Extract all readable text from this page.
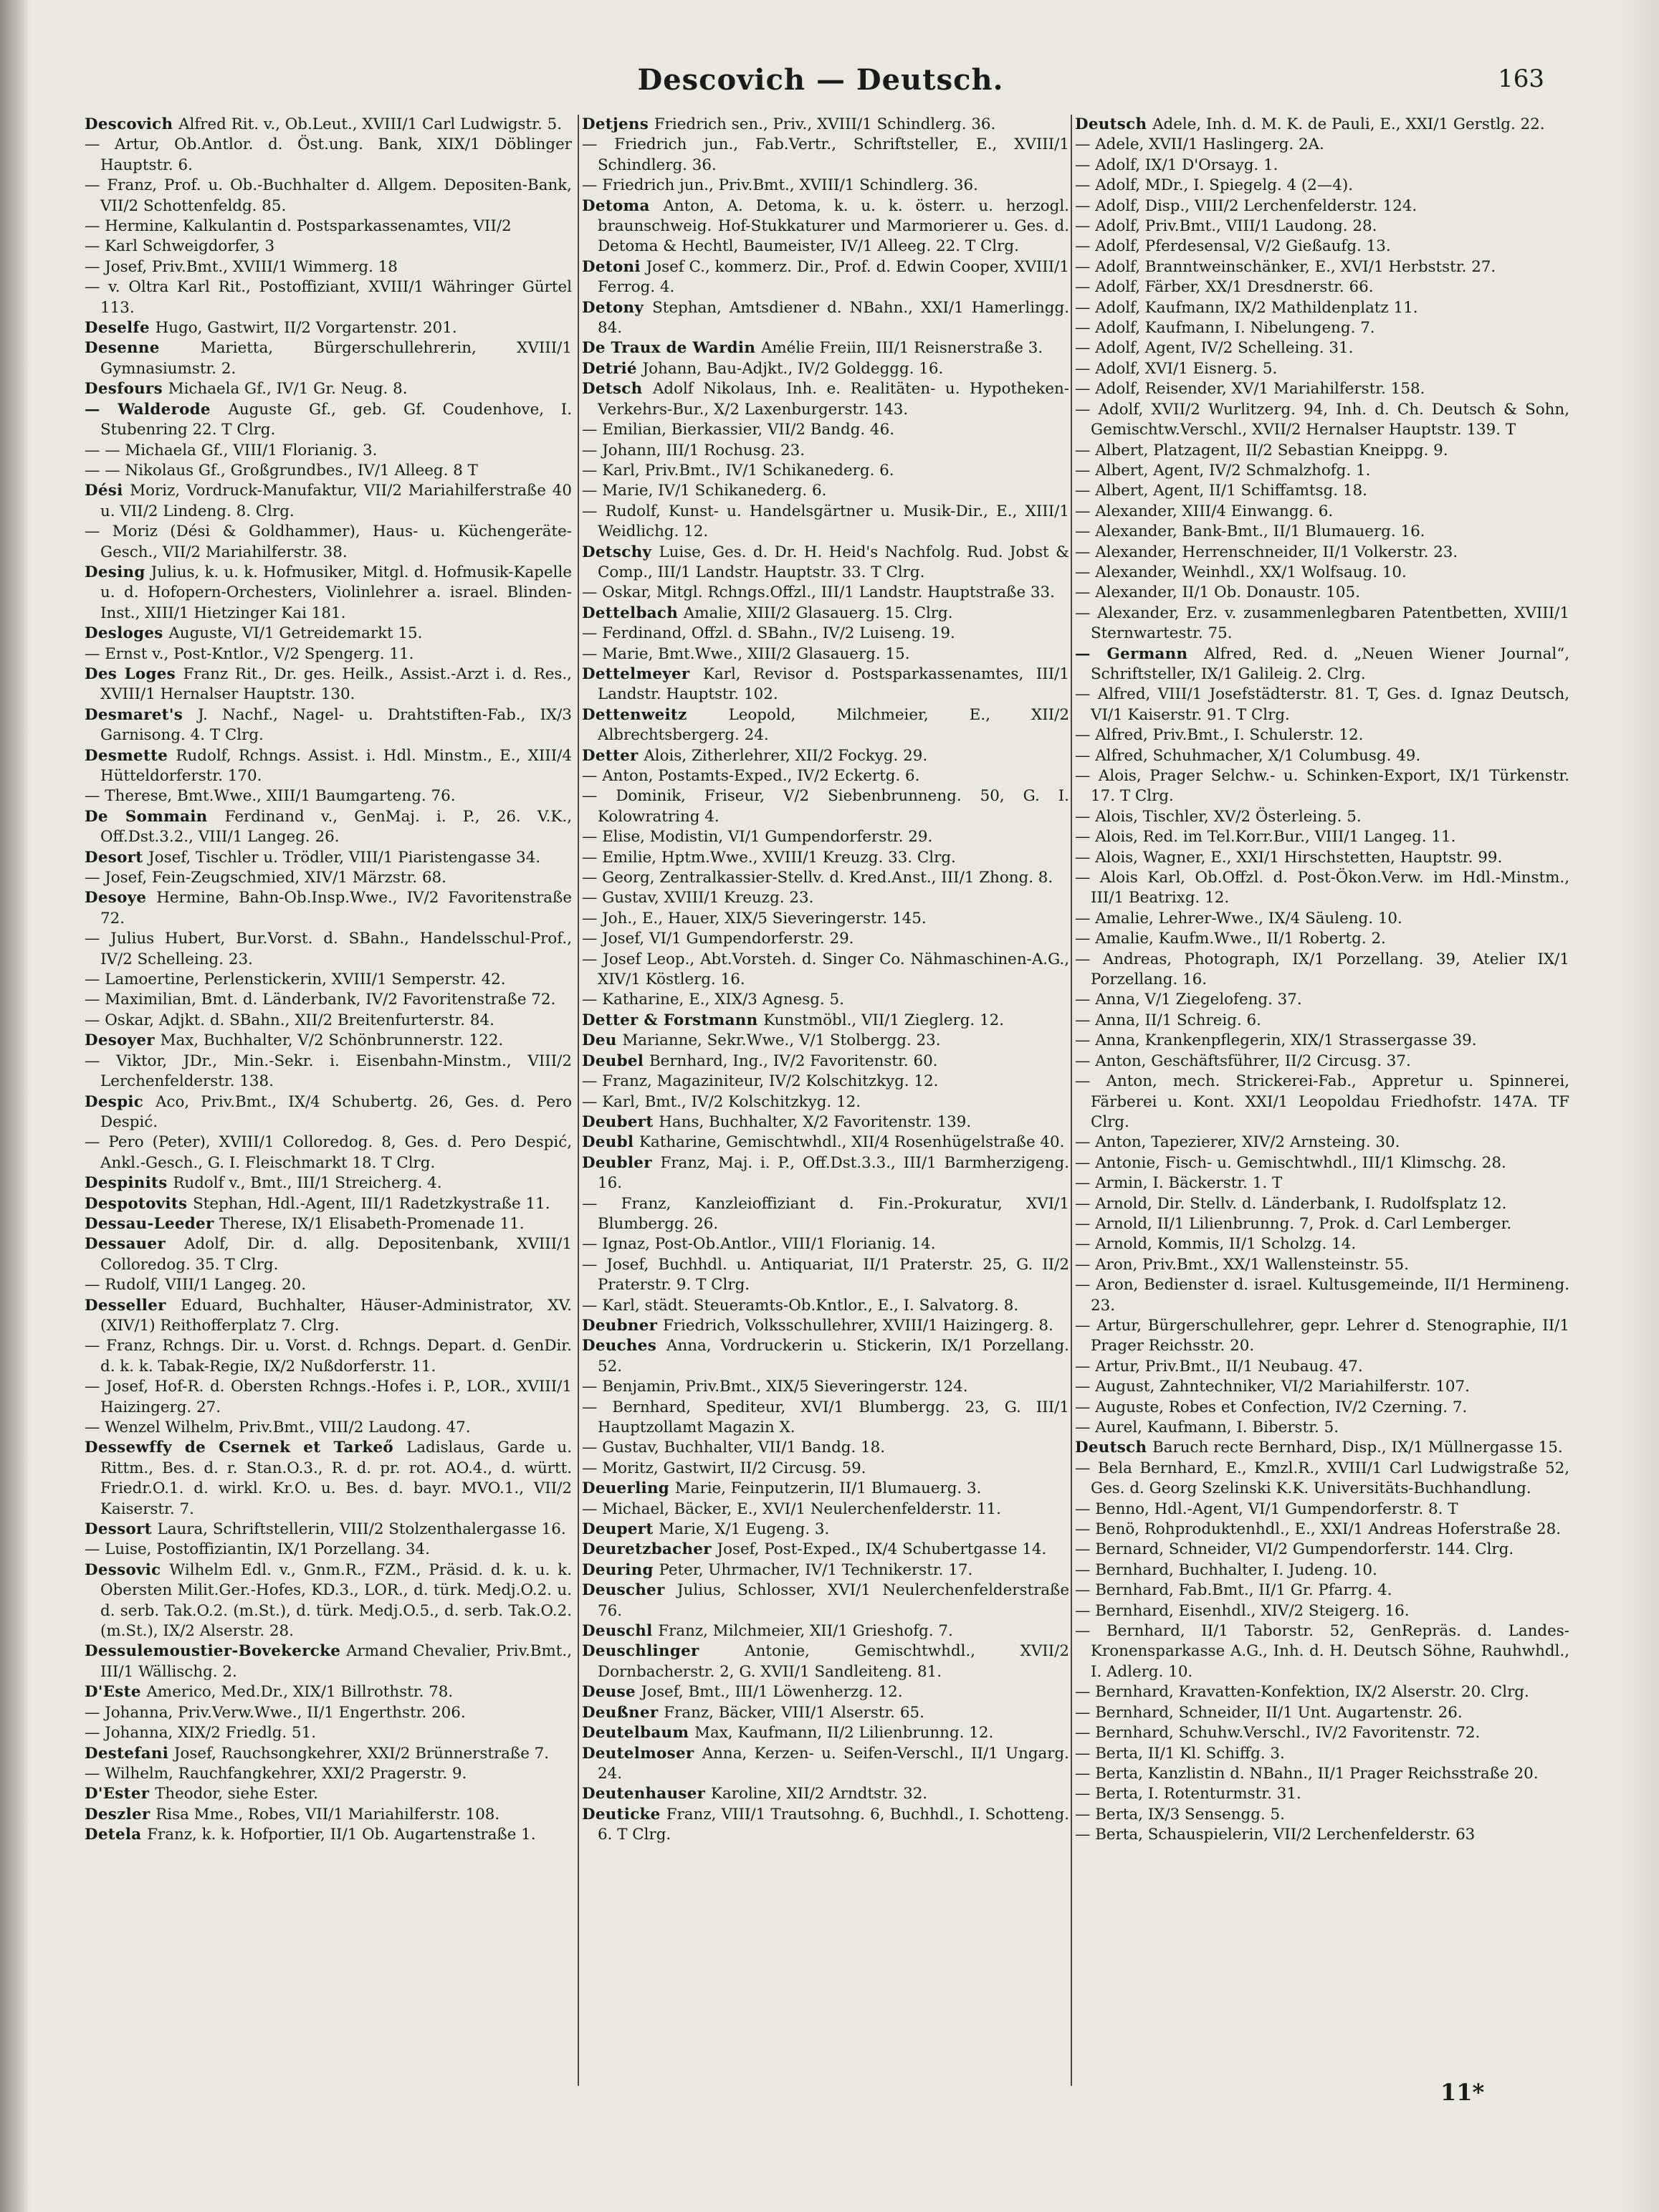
Descovich — Deutsch.	163
Descovich Alfred Rit. v., Ob.Leut., XVIII/1 Carl Ludwigstr. 5.
— Artur, Ob.Antlor. d. Öst.ung. Bank, XIX/1 Döblinger Hauptstr. 6.
— Franz, Prof. u. Ob.-Buchhalter d. Allgem. Depositen-Bank, VII/2 Schottenfeldg. 85.
— Hermine, Kalkulantin d. Postsparkassenamtes, VII/2
— Karl Schweigdorfer, 3
— Josef, Priv.Bmt., XVIII/1 Wimmerg. 18
— v. Oltra Karl Rit., Postoffiziant, XVIII/1 Währinger Gürtel 113.
Deselfe Hugo, Gastwirt, II/2 Vorgartenstr. 201.
Desenne Marietta, Bürgerschullehrerin, XVIII/1 Gymnasiumstr. 2.
Desfours Michaela Gf., IV/1 Gr. Neug. 8.
— Walderode Auguste Gf., geb. Gf. Coudenhove, I. Stubenring 22. T Clrg.
— — Michaela Gf., VIII/1 Florianig. 3.
— — Nikolaus Gf., Großgrundbes., IV/1 Alleeg. 8 T
Dési Moriz, Vordruck-Manufaktur, VII/2 Mariahilferstraße 40 u. VII/2 Lindeng. 8. Clrg.
— Moriz (Dési & Goldhammer), Haus- u. Küchengeräte-Gesch., VII/2 Mariahilferstr. 38.
Desing Julius, k. u. k. Hofmusiker, Mitgl. d. Hofmusik-Kapelle u. d. Hofopern-Orchesters, Violinlehrer a. israel. Blinden-Inst., XIII/1 Hietzinger Kai 181.
Desloges Auguste, VI/1 Getreidemarkt 15.
— Ernst v., Post-Kntlor., V/2 Spengerg. 11.
Des Loges Franz Rit., Dr. ges. Heilk., Assist.-Arzt i. d. Res., XVIII/1 Hernalser Hauptstr. 130.
Desmaret's J. Nachf., Nagel- u. Drahtstiften-Fab., IX/3 Garnisong. 4. T Clrg.
Desmette Rudolf, Rchngs. Assist. i. Hdl. Minstm., E., XIII/4 Hütteldorferstr. 170.
— Therese, Bmt.Wwe., XIII/1 Baumgarteng. 76.
De Sommain Ferdinand v., GenMaj. i. P., 26. V.K., Off.Dst.3.2., VIII/1 Langeg. 26.
Desort Josef, Tischler u. Trödler, VIII/1 Piaristengasse 34.
— Josef, Fein-Zeugschmied, XIV/1 Märzstr. 68.
Desoye Hermine, Bahn-Ob.Insp.Wwe., IV/2 Favoritenstraße 72.
— Julius Hubert, Bur.Vorst. d. SBahn., Handelsschul-Prof., IV/2 Schelleing. 23.
— Lamoertine, Perlenstickerin, XVIII/1 Semperstr. 42.
— Maximilian, Bmt. d. Länderbank, IV/2 Favoritenstraße 72.
— Oskar, Adjkt. d. SBahn., XII/2 Breitenfurterstr. 84.
Desoyer Max, Buchhalter, V/2 Schönbrunnerstr. 122.
— Viktor, JDr., Min.-Sekr. i. Eisenbahn-Minstm., VIII/2 Lerchenfelderstr. 138.
Despic Aco, Priv.Bmt., IX/4 Schubertg. 26, Ges. d. Pero Despić.
— Pero (Peter), XVIII/1 Colloredog. 8, Ges. d. Pero Despić, Ankl.-Gesch., G. I. Fleischmarkt 18. T Clrg.
Despinits Rudolf v., Bmt., III/1 Streicherg. 4.
Despotovits Stephan, Hdl.-Agent, III/1 Radetzkystraße 11.
Dessau-Leeder Therese, IX/1 Elisabeth-Promenade 11.
Dessauer Adolf, Dir. d. allg. Depositenbank, XVIII/1 Colloredog. 35. T Clrg.
— Rudolf, VIII/1 Langeg. 20.
Desseller Eduard, Buchhalter, Häuser-Administrator, XV. (XIV/1) Reithofferplatz 7. Clrg.
— Franz, Rchngs. Dir. u. Vorst. d. Rchngs. Depart. d. GenDir. d. k. k. Tabak-Regie, IX/2 Nußdorferstr. 11.
— Josef, Hof-R. d. Obersten Rchngs.-Hofes i. P., LOR., XVIII/1 Haizingerg. 27.
— Wenzel Wilhelm, Priv.Bmt., VIII/2 Laudong. 47.
Dessewffy de Csernek et Tarkeő Ladislaus, Garde u. Rittm., Bes. d. r. Stan.O.3., R. d. pr. rot. AO.4., d. württ. Friedr.O.1. d. wirkl. Kr.O. u. Bes. d. bayr. MVO.1., VII/2 Kaiserstr. 7.
Dessort Laura, Schriftstellerin, VIII/2 Stolzenthalergasse 16.
— Luise, Postoffiziantin, IX/1 Porzellang. 34.
Dessovic Wilhelm Edl. v., Gnm.R., FZM., Präsid. d. k. u. k. Obersten Milit.Ger.-Hofes, KD.3., LOR., d. türk. Medj.O.2. u. d. serb. Tak.O.2. (m.St.), d. türk. Medj.O.5., d. serb. Tak.O.2. (m.St.), IX/2 Alserstr. 28.
Dessulemoustier-Bovekercke Armand Chevalier, Priv.Bmt., III/1 Wällischg. 2.
D'Este Americo, Med.Dr., XIX/1 Billrothstr. 78.
— Johanna, Priv.Verw.Wwe., II/1 Engerthstr. 206.
— Johanna, XIX/2 Friedlg. 51.
Destefani Josef, Rauchsongkehrer, XXI/2 Brünnerstraße 7.
— Wilhelm, Rauchfangkehrer, XXI/2 Pragerstr. 9.
D'Ester Theodor, siehe Ester.
Deszler Risa Mme., Robes, VII/1 Mariahilferstr. 108.
Detela Franz, k. k. Hofportier, II/1 Ob. Augartenstraße 1.
Detjens Friedrich sen., Priv., XVIII/1 Schindlerg. 36.
— Friedrich jun., Fab.Vertr., Schriftsteller, E., XVIII/1 Schindlerg. 36.
— Friedrich jun., Priv.Bmt., XVIII/1 Schindlerg. 36.
Detoma Anton, A. Detoma, k. u. k. österr. u. herzogl. braunschweig. Hof-Stukkaturer und Marmorierer u. Ges. d. Detoma & Hechtl, Baumeister, IV/1 Alleeg. 22. T Clrg.
Detoni Josef C., kommerz. Dir., Prof. d. Edwin Cooper, XVIII/1 Ferrog. 4.
Detony Stephan, Amtsdiener d. NBahn., XXI/1 Hamerlingg. 84.
De Traux de Wardin Amélie Freiin, III/1 Reisnerstraße 3.
Detrié Johann, Bau-Adjkt., IV/2 Goldeggg. 16.
Detsch Adolf Nikolaus, Inh. e. Realitäten- u. Hypotheken-Verkehrs-Bur., X/2 Laxenburgerstr. 143.
— Emilian, Bierkassier, VII/2 Bandg. 46.
— Johann, III/1 Rochusg. 23.
— Karl, Priv.Bmt., IV/1 Schikanederg. 6.
— Marie, IV/1 Schikanederg. 6.
— Rudolf, Kunst- u. Handelsgärtner u. Musik-Dir., E., XIII/1 Weidlichg. 12.
Detschy Luise, Ges. d. Dr. H. Heid's Nachfolg. Rud. Jobst & Comp., III/1 Landstr. Hauptstr. 33. T Clrg.
— Oskar, Mitgl. Rchngs.Offzl., III/1 Landstr. Hauptstraße 33.
Dettelbach Amalie, XIII/2 Glasauerg. 15. Clrg.
— Ferdinand, Offzl. d. SBahn., IV/2 Luiseng. 19.
— Marie, Bmt.Wwe., XIII/2 Glasauerg. 15.
Dettelmeyer Karl, Revisor d. Postsparkassenamtes, III/1 Landstr. Hauptstr. 102.
Dettenweitz Leopold, Milchmeier, E., XII/2 Albrechtsbergerg. 24.
Detter Alois, Zitherlehrer, XII/2 Fockyg. 29.
— Anton, Postamts-Exped., IV/2 Eckertg. 6.
— Dominik, Friseur, V/2 Siebenbrunneng. 50, G. I. Kolowratring 4.
— Elise, Modistin, VI/1 Gumpendorferstr. 29.
— Emilie, Hptm.Wwe., XVIII/1 Kreuzg. 33. Clrg.
— Georg, Zentralkassier-Stellv. d. Kred.Anst., III/1 Zhong. 8.
— Gustav, XVIII/1 Kreuzg. 23.
— Joh., E., Hauer, XIX/5 Sieveringerstr. 145.
— Josef, VI/1 Gumpendorferstr. 29.
— Josef Leop., Abt.Vorsteh. d. Singer Co. Nähmaschinen-A.G., XIV/1 Köstlerg. 16.
— Katharine, E., XIX/3 Agnesg. 5.
Detter & Forstmann Kunstmöbl., VII/1 Zieglerg. 12.
Deu Marianne, Sekr.Wwe., V/1 Stolbergg. 23.
Deubel Bernhard, Ing., IV/2 Favoritenstr. 60.
— Franz, Magaziniteur, IV/2 Kolschitzkyg. 12.
— Karl, Bmt., IV/2 Kolschitzkyg. 12.
Deubert Hans, Buchhalter, X/2 Favoritenstr. 139.
Deubl Katharine, Gemischtwhdl., XII/4 Rosenhügelstraße 40.
Deubler Franz, Maj. i. P., Off.Dst.3.3., III/1 Barmherzigeng. 16.
— Franz, Kanzleioffiziant d. Fin.-Prokuratur, XVI/1 Blumbergg. 26.
— Ignaz, Post-Ob.Antlor., VIII/1 Florianig. 14.
— Josef, Buchhdl. u. Antiquariat, II/1 Praterstr. 25, G. II/2 Praterstr. 9. T Clrg.
— Karl, städt. Steueramts-Ob.Kntlor., E., I. Salvatorg. 8.
Deubner Friedrich, Volksschullehrer, XVIII/1 Haizingerg. 8.
Deuches Anna, Vordruckerin u. Stickerin, IX/1 Porzellang. 52.
— Benjamin, Priv.Bmt., XIX/5 Sieveringerstr. 124.
— Bernhard, Spediteur, XVI/1 Blumbergg. 23, G. III/1 Hauptzollamt Magazin X.
— Gustav, Buchhalter, VII/1 Bandg. 18.
— Moritz, Gastwirt, II/2 Circusg. 59.
Deuerling Marie, Feinputzerin, II/1 Blumauerg. 3.
— Michael, Bäcker, E., XVI/1 Neulerchenfelderstr. 11.
Deupert Marie, X/1 Eugeng. 3.
Deuretzbacher Josef, Post-Exped., IX/4 Schubertgasse 14.
Deuring Peter, Uhrmacher, IV/1 Technikerstr. 17.
Deuscher Julius, Schlosser, XVI/1 Neulerchenfelderstraße 76.
Deuschl Franz, Milchmeier, XII/1 Grieshofg. 7.
Deuschlinger Antonie, Gemischtwhdl., XVII/2 Dornbacherstr. 2, G. XVII/1 Sandleiteng. 81.
Deuse Josef, Bmt., III/1 Löwenherzg. 12.
Deußner Franz, Bäcker, VIII/1 Alserstr. 65.
Deutelbaum Max, Kaufmann, II/2 Lilienbrunng. 12.
Deutelmoser Anna, Kerzen- u. Seifen-Verschl., II/1 Ungarg. 24.
Deutenhauser Karoline, XII/2 Arndtstr. 32.
Deuticke Franz, VIII/1 Trautsohng. 6, Buchhdl., I. Schotteng. 6. T Clrg.
Deutsch Adele, Inh. d. M. K. de Pauli, E., XXI/1 Gerstlg. 22.
— Adele, XVII/1 Haslingerg. 2A.
— Adolf, IX/1 D'Orsayg. 1.
— Adolf, MDr., I. Spiegelg. 4 (2—4).
— Adolf, Disp., VIII/2 Lerchenfelderstr. 124.
— Adolf, Priv.Bmt., VIII/1 Laudong. 28.
— Adolf, Pferdesensal, V/2 Gießaufg. 13.
— Adolf, Branntweinschänker, E., XVI/1 Herbststr. 27.
— Adolf, Färber, XX/1 Dresdnerstr. 66.
— Adolf, Kaufmann, IX/2 Mathildenplatz 11.
— Adolf, Kaufmann, I. Nibelungeng. 7.
— Adolf, Agent, IV/2 Schelleing. 31.
— Adolf, XVI/1 Eisnerg. 5.
— Adolf, Reisender, XV/1 Mariahilferstr. 158.
— Adolf, XVII/2 Wurlitzerg. 94, Inh. d. Ch. Deutsch & Sohn, Gemischtw.Verschl., XVII/2 Hernalser Hauptstr. 139. T
— Albert, Platzagent, II/2 Sebastian Kneippg. 9.
— Albert, Agent, IV/2 Schmalzhofg. 1.
— Albert, Agent, II/1 Schiffamtsg. 18.
— Alexander, XIII/4 Einwangg. 6.
— Alexander, Bank-Bmt., II/1 Blumauerg. 16.
— Alexander, Herrenschneider, II/1 Volkerstr. 23.
— Alexander, Weinhdl., XX/1 Wolfsaug. 10.
— Alexander, II/1 Ob. Donaustr. 105.
— Alexander, Erz. v. zusammenlegbaren Patentbetten, XVIII/1 Sternwartestr. 75.
— Germann Alfred, Red. d. „Neuen Wiener Journal“, Schriftsteller, IX/1 Galileig. 2. Clrg.
— Alfred, VIII/1 Josefstädterstr. 81. T, Ges. d. Ignaz Deutsch, VI/1 Kaiserstr. 91. T Clrg.
— Alfred, Priv.Bmt., I. Schulerstr. 12.
— Alfred, Schuhmacher, X/1 Columbusg. 49.
— Alois, Prager Selchw.- u. Schinken-Export, IX/1 Türkenstr. 17. T Clrg.
— Alois, Tischler, XV/2 Österleing. 5.
— Alois, Red. im Tel.Korr.Bur., VIII/1 Langeg. 11.
— Alois, Wagner, E., XXI/1 Hirschstetten, Hauptstr. 99.
— Alois Karl, Ob.Offzl. d. Post-Ökon.Verw. im Hdl.-Minstm., III/1 Beatrixg. 12.
— Amalie, Lehrer-Wwe., IX/4 Säuleng. 10.
— Amalie, Kaufm.Wwe., II/1 Robertg. 2.
— Andreas, Photograph, IX/1 Porzellang. 39, Atelier IX/1 Porzellang. 16.
— Anna, V/1 Ziegelofeng. 37.
— Anna, II/1 Schreig. 6.
— Anna, Krankenpflegerin, XIX/1 Strassergasse 39.
— Anton, Geschäftsführer, II/2 Circusg. 37.
— Anton, mech. Strickerei-Fab., Appretur u. Spinnerei, Färberei u. Kont. XXI/1 Leopoldau Friedhofstr. 147A. TF Clrg.
— Anton, Tapezierer, XIV/2 Arnsteing. 30.
— Antonie, Fisch- u. Gemischtwhdl., III/1 Klimschg. 28.
— Armin, I. Bäckerstr. 1. T
— Arnold, Dir. Stellv. d. Länderbank, I. Rudolfsplatz 12.
— Arnold, II/1 Lilienbrunng. 7, Prok. d. Carl Lemberger.
— Arnold, Kommis, II/1 Scholzg. 14.
— Aron, Priv.Bmt., XX/1 Wallensteinstr. 55.
— Aron, Bedienster d. israel. Kultusgemeinde, II/1 Hermineng. 23.
— Artur, Bürgerschullehrer, gepr. Lehrer d. Stenographie, II/1 Prager Reichsstr. 20.
— Artur, Priv.Bmt., II/1 Neubaug. 47.
— August, Zahntechniker, VI/2 Mariahilferstr. 107.
— Auguste, Robes et Confection, IV/2 Czerning. 7.
— Aurel, Kaufmann, I. Biberstr. 5.
Deutsch Baruch recte Bernhard, Disp., IX/1 Müllnergasse 15.
— Bela Bernhard, E., Kmzl.R., XVIII/1 Carl Ludwigstraße 52, Ges. d. Georg Szelinski K.K. Universitäts-Buchhandlung.
— Benno, Hdl.-Agent, VI/1 Gumpendorferstr. 8. T
— Benö, Rohproduktenhdl., E., XXI/1 Andreas Hoferstraße 28.
— Bernard, Schneider, VI/2 Gumpendorferstr. 144. Clrg.
— Bernhard, Buchhalter, I. Judeng. 10.
— Bernhard, Fab.Bmt., II/1 Gr. Pfarrg. 4.
— Bernhard, Eisenhdl., XIV/2 Steigerg. 16.
— Bernhard, II/1 Taborstr. 52, GenRepräs. d. Landes-Kronensparkasse A.G., Inh. d. H. Deutsch Söhne, Rauhwhdl., I. Adlerg. 10.
— Bernhard, Kravatten-Konfektion, IX/2 Alserstr. 20. Clrg.
— Bernhard, Schneider, II/1 Unt. Augartenstr. 26.
— Bernhard, Schuhw.Verschl., IV/2 Favoritenstr. 72.
— Berta, II/1 Kl. Schiffg. 3.
— Berta, Kanzlistin d. NBahn., II/1 Prager Reichsstraße 20.
— Berta, I. Rotenturmstr. 31.
— Berta, IX/3 Sensengg. 5.
— Berta, Schauspielerin, VII/2 Lerchenfelderstr. 63
11*
